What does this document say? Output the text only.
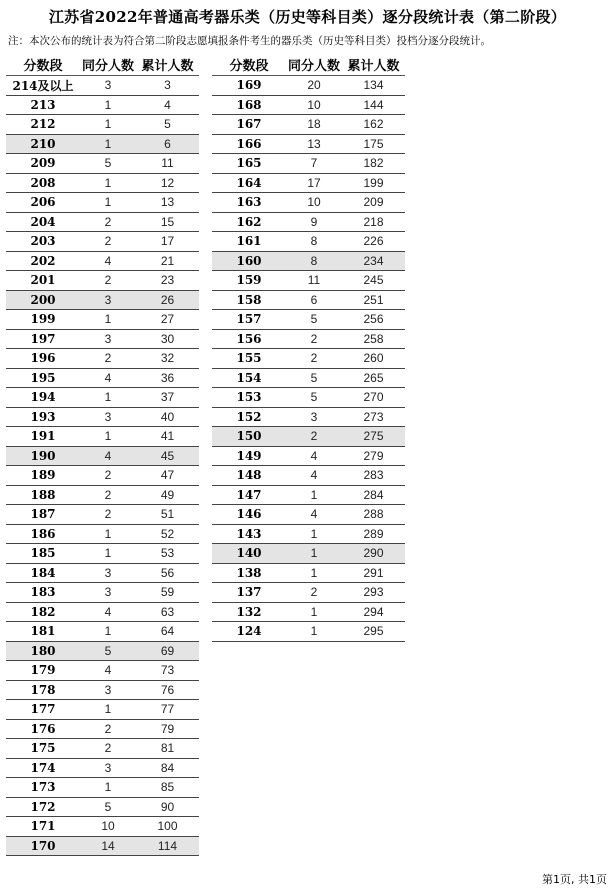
江苏省2022年普通高考器乐类（历史等科目类）逐分段统计表（第二阶段）
注：本次公布的统计表为符合第二阶段志愿填报条件考生的器乐类（历史等科目类）投档分逐分段统计。
分数段	同分人数 累计人数
214及以上	3	3
213	1	4
212	1	5
210	1	6
209	5	11
208	1	12
206	1	13
204	2	15
203	2	17
202	4	21
201	2	23
200	3	26
199	1	27
197	3	30
196	2	32
195	4	36
194	1	37
193	3	40
191	1	41
190	4	45
189	2	47
188	2	49
187	2	51
186	1	52
185	1	53
184	3	56
183	3	59
182	4	63
181	1	64
180	5	69
179	4	73
178	3	76
177	1	77
176	2	79
175	2	81
174	3	84
173	1	85
172	5	90
171	10	100
170	14	114
分数段	同分人数 累计人数
169	20	134
168	10	144
167	18	162
166	13	175
165	7	182
164	17	199
163	10	209
162	9	218
161	8	226
160	8	234
159	11	245
158	6	251
157	5	256
156	2	258
155	2	260
154	5	265
153	5	270
152	3	273
150	2	275
149	4	279
148	4	283
147	1	284
146	4	288
143	1	289
140	1	290
138	1	291
137	2	293
132	1	294
124	1	295
第1页, 共1页
